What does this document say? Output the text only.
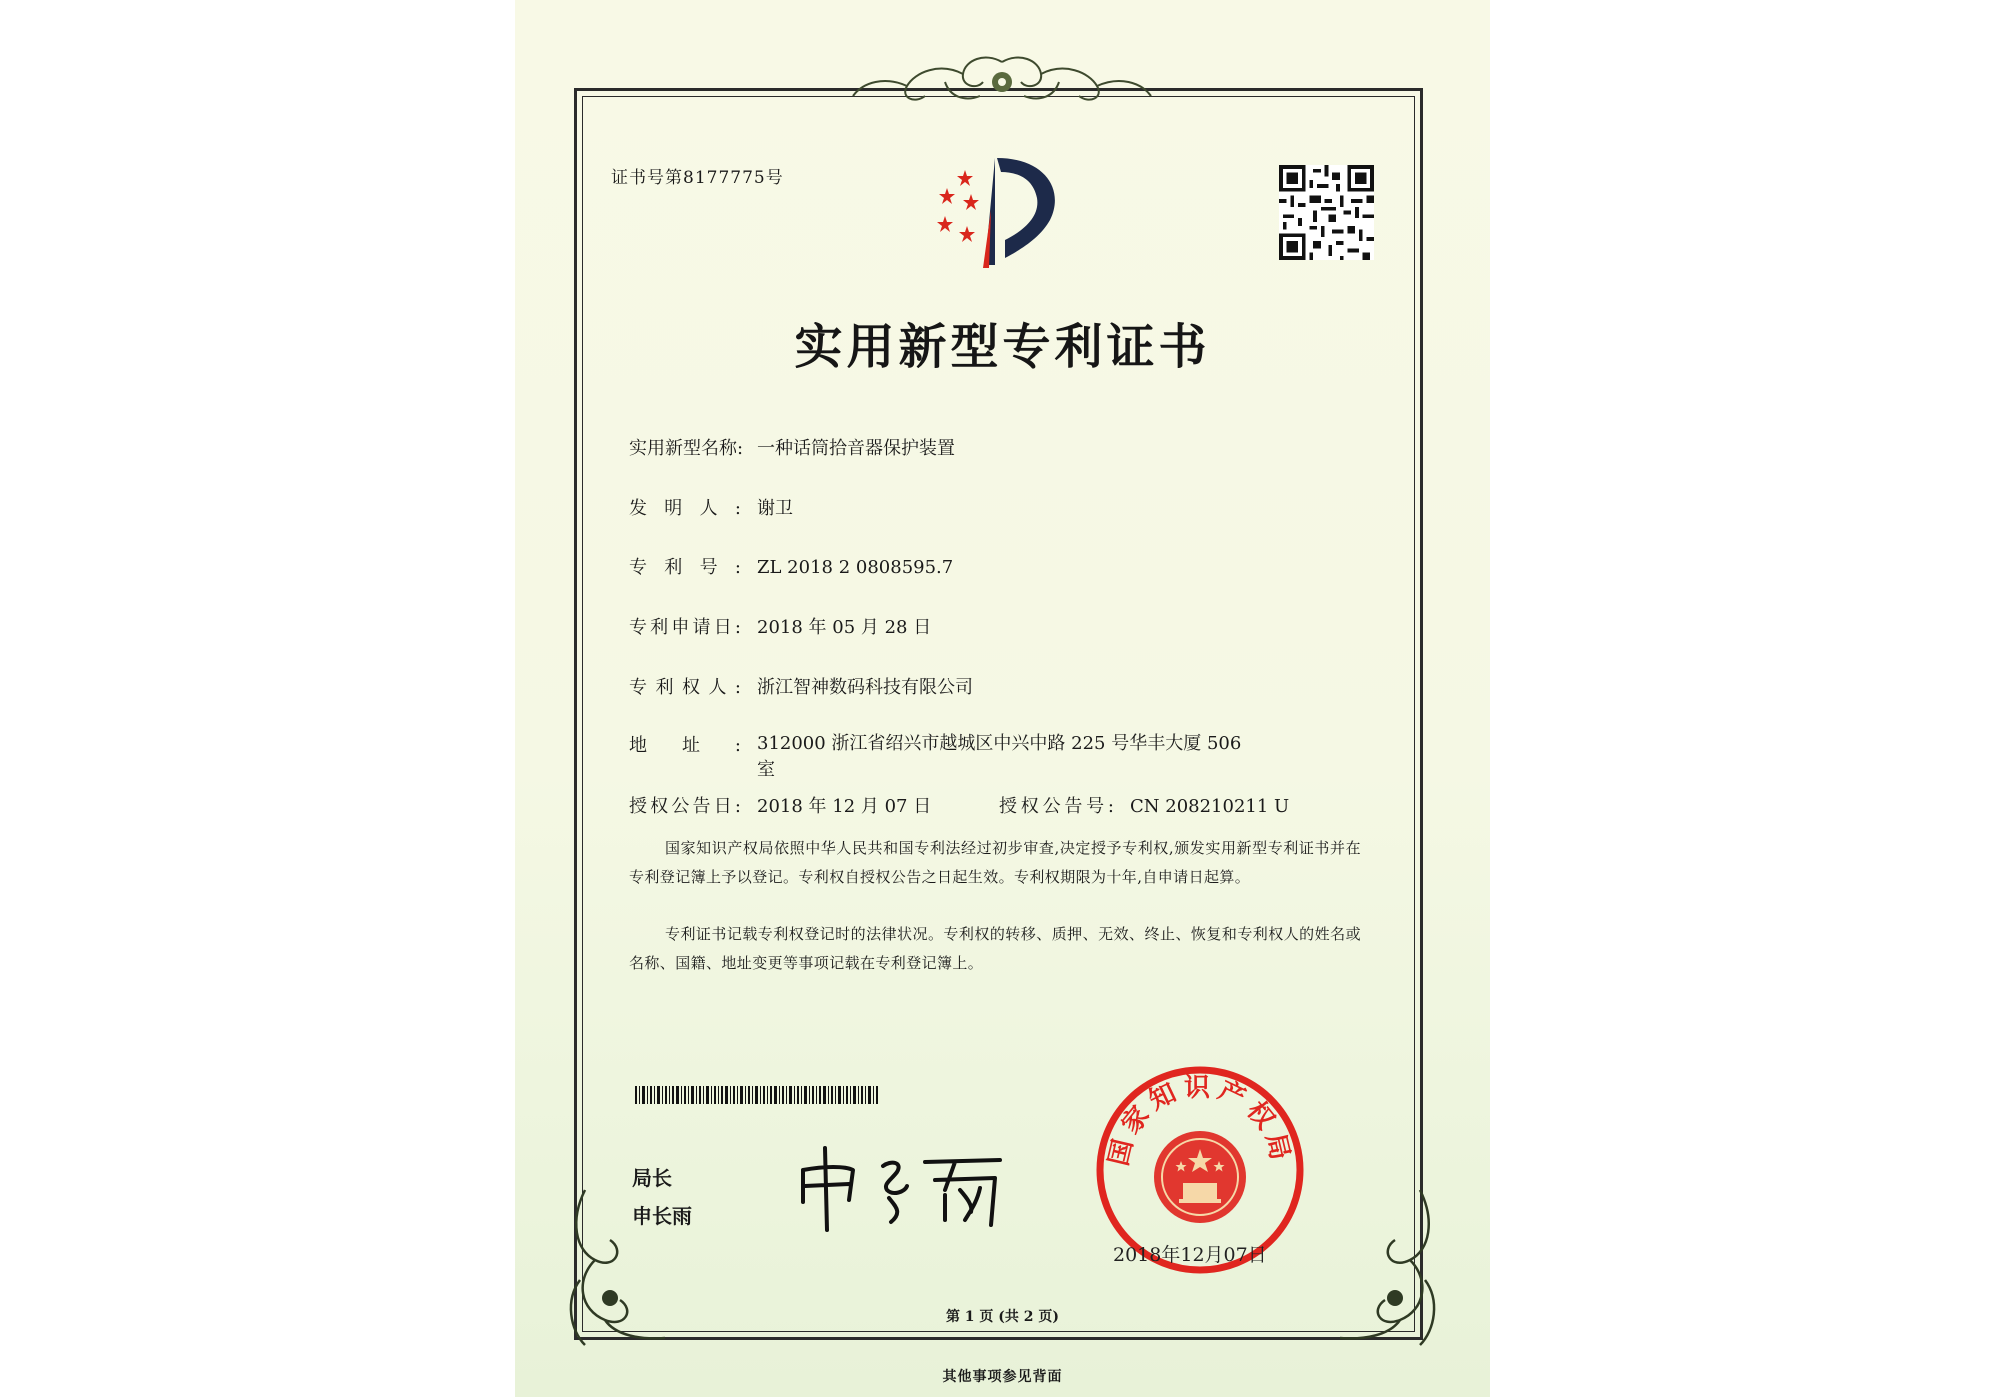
证书号第8177775号
实用新型专利证书
实用新型名称: 一种话筒拾音器保护装置
发明人: 谢卫
专利号: ZL 2018 2 0808595.7
专利申请日: 2018 年 05 月 28 日
专利权人: 浙江智神数码科技有限公司
地址: 312000 浙江省绍兴市越城区中兴中路 225 号华丰大厦 506 室
授权公告日: 2018 年 12 月 07 日	授权公告号: CN 208210211 U
国家知识产权局依照中华人民共和国专利法经过初步审查,决定授予专利权,颁发实用新型专利证书并在专利登记簿上予以登记。专利权自授权公告之日起生效。专利权期限为十年,自申请日起算。
专利证书记载专利权登记时的法律状况。专利权的转移、质押、无效、终止、恢复和专利权人的姓名或名称、国籍、地址变更等事项记载在专利登记簿上。
局长
申长雨
国家知识产权局
2018年12月07日
第 1 页 (共 2 页)
其他事项参见背面
